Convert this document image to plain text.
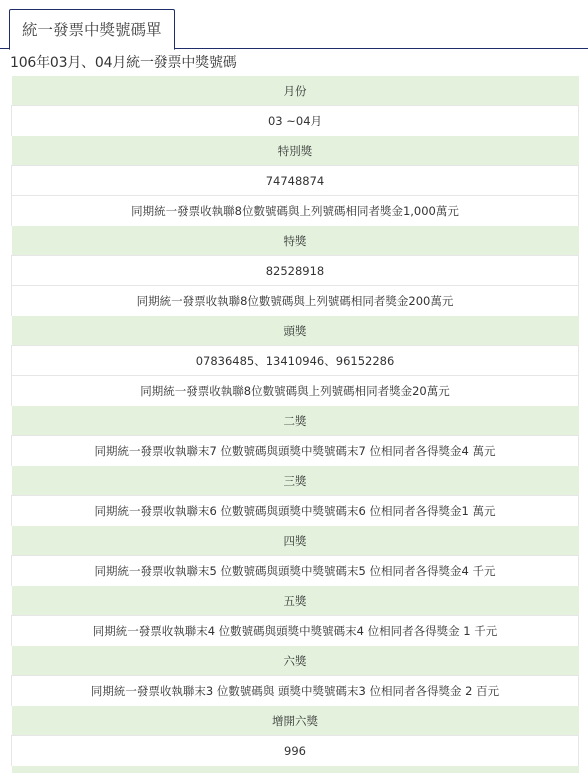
統一發票中獎號碼單
106年03月、04月統一發票中獎號碼
月份
03 ~04月
特別獎
74748874
同期統一發票收執聯8位數號碼與上列號碼相同者獎金1,000萬元
特獎
82528918
同期統一發票收執聯8位數號碼與上列號碼相同者獎金200萬元
頭獎
07836485、13410946、96152286
同期統一發票收執聯8位數號碼與上列號碼相同者獎金20萬元
二獎
同期統一發票收執聯末7 位數號碼與頭獎中獎號碼末7 位相同者各得獎金4 萬元
三獎
同期統一發票收執聯末6 位數號碼與頭獎中獎號碼末6 位相同者各得獎金1 萬元
四獎
同期統一發票收執聯末5 位數號碼與頭獎中獎號碼末5 位相同者各得獎金4 千元
五獎
同期統一發票收執聯末4 位數號碼與頭獎中獎號碼末4 位相同者各得獎金 1 千元
六獎
同期統一發票收執聯末3 位數號碼與 頭獎中獎號碼末3 位相同者各得獎金 2 百元
增開六獎
996
